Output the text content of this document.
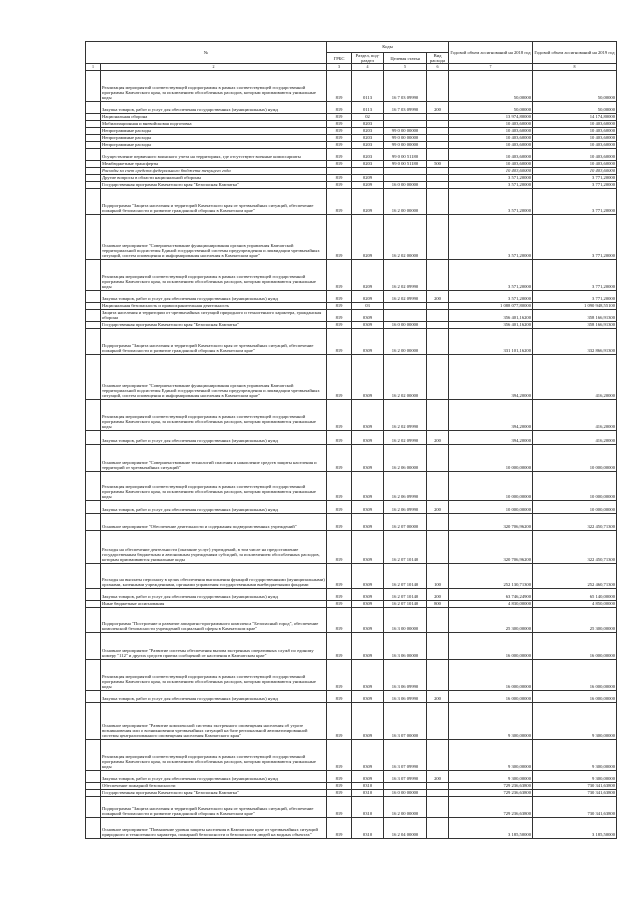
№		Коды				Годовой объем ассигнований на 2018 год	Годовой объем ассигнований на 2019 год
		ГРБС	Раздел, под-раздел	Целевая статья	Вид расхода		
1	2	3	4	5	6	7	8
	Реализация мероприятий соответствующей подпрограммы в рамках соответствующей государственной программы Камчатского края, за исключением обособленных расходов, которым присваиваются уникальные коды	819	0113	16 7 03 09990		50,00000	50,00000
	Закупка товаров, работ и услуг для обеспечения государственных (муниципальных) нужд	819	0113	16 7 03 09990	200	50,00000	50,00000
	Национальная оборона	819	02			13 974,80000	14 174,80000
	Мобилизационная и вневойсковая подготовка	819	0203			10 403,60000	10 403,60000
	Непрограммные расходы	819	0203	99 0 00 00000		10 403,60000	10 403,60000
	Непрограммные расходы	819	0203	99 0 00 00000		10 403,60000	10 403,60000
	Непрограммные расходы	819	0203	99 0 00 00000		10 403,60000	10 403,60000
	Осуществление первичного воинского учета на территориях, где отсутствуют военные комиссариаты	819	0203	99 0 00 51180		10 403,60000	10 403,60000
	Межбюджетные трансферты	819	0203	99 0 00 51180	500	10 403,60000	10 403,60000
	Расходы за счет средств федерального бюджета текущего года					10 403,60000	10 403,60000
	Другие вопросы в области национальной обороны	819	0209			3 571,20000	3 771,20000
	Государственная программа Камчатского края "Безопасная Камчатка"	819	0209	16 0 00 00000		3 571,20000	3 771,20000
	Подпрограмма "Защита населения и территорий Камчатского края от чрезвычайных ситуаций, обеспечение пожарной безопасности и развитие гражданской обороны в Камчатском крае"	819	0209	16 2 00 00000		3 571,20000	3 771,20000
	Основное мероприятие "Совершенствование функционирования органов управления Камчатской территориальной подсистемы Единой государственной системы предупреждения и ликвидации чрезвычайных ситуаций, систем оповещения и информирования населения в Камчатском крае"	819	0209	16 2 02 00000		3 571,20000	3 771,20000
	Реализация мероприятий соответствующей подпрограммы в рамках соответствующей государственной программы Камчатского края, за исключением обособленных расходов, которым присваиваются уникальные коды	819	0209	16 2 02 09990		3 571,20000	3 771,20000
	Закупка товаров, работ и услуг для обеспечения государственных (муниципальных) нужд	819	0209	16 2 02 09990	200	3 571,20000	3 771,20000
	Национальная безопасность и правоохранительная деятельность	819	03			1 088 077,80000	1 090 948,55100
	Защита населения и территории от чрезвычайных ситуаций природного и техногенного характера, гражданская оборона	819	0309			356 401,16200	358 166,91300
	Государственная программа Камчатского края "Безопасная Камчатка"	819	0309	16 0 00 00000		356 401,16200	358 166,91300
	Подпрограмма "Защита населения и территорий Камчатского края от чрезвычайных ситуаций, обеспечение пожарной безопасности и развитие гражданской обороны в Камчатском крае"	819	0309	16 2 00 00000		331 101,16200	332 866,91300
	Основное мероприятие "Совершенствование функционирования органов управления Камчатской территориальной подсистемы Единой государственной системы предупреждения и ликвидации чрезвычайных ситуаций, систем оповещения и информирования населения в Камчатском крае"	819	0309	16 2 02 00000		394,20000	416,20000
	Реализация мероприятий соответствующей подпрограммы в рамках соответствующей государственной программы Камчатского края, за исключением обособленных расходов, которым присваиваются уникальные коды	819	0309	16 2 02 09990		394,20000	416,20000
	Закупка товаров, работ и услуг для обеспечения государственных (муниципальных) нужд	819	0309	16 2 02 09990	200	394,20000	416,20000
	Основное мероприятие "Совершенствование технологий спасения и накопление средств защиты населения и территорий от чрезвычайных ситуаций"	819	0309	16 2 06 00000		10 000,00000	10 000,00000
	Реализация мероприятий соответствующей подпрограммы в рамках соответствующей государственной программы Камчатского края, за исключением обособленных расходов, которым присваиваются уникальные коды	819	0309	16 2 06 09990		10 000,00000	10 000,00000
	Закупка товаров, работ и услуг для обеспечения государственных (муниципальных) нужд	819	0309	16 2 06 09990	200	10 000,00000	10 000,00000
	Основное мероприятие "Обеспечение деятельности и содержания подведомственных учреждений"	819	0309	16 2 07 00000		320 706,96200	322 450,71300
	Расходы на обеспечение деятельности (оказание услуг) учреждений, в том числе на предоставление государственным бюджетным и автономным учреждениям субсидий, за исключением обособленных расходов, которым присваиваются уникальные коды	819	0309	16 2 07 10140		320 706,96200	322 450,71300
	Расходы на выплаты персоналу в целях обеспечения выполнения функций государственными (муниципальными) органами, казенными учреждениями, органами управления государственными внебюджетными фондами	819	0309	16 2 07 10140	100	252 130,71300	252 460,71300
	Закупка товаров, работ и услуг для обеспечения государственных (муниципальных) нужд	819	0309	16 2 07 10140	200	63 746,24900	65 140,00000
	Иные бюджетные ассигнования	819	0309	16 2 07 10140	800	4 830,00000	4 850,00000
	Подпрограмма "Построение и развитие аппаратно-программного комплекса "Безопасный город", обеспечение комплексной безопасности учреждений социальной сферы в Камчатском крае"	819	0309	16 3 00 00000		25 300,00000	25 300,00000
	Основное мероприятие "Развитие системы обеспечения вызова экстренных оперативных служб по единому номеру "112" и других средств приема сообщений от населения в Камчатском крае"	819	0309	16 3 06 00000		16 000,00000	16 000,00000
	Реализация мероприятий соответствующей подпрограммы в рамках соответствующей государственной программы Камчатского края, за исключением обособленных расходов, которым присваиваются уникальные коды	819	0309	16 3 06 09990		16 000,00000	16 000,00000
	Закупка товаров, работ и услуг для обеспечения государственных (муниципальных) нужд	819	0309	16 3 06 09990	200	16 000,00000	16 000,00000
	Основное мероприятие "Развитие комплексной системы экстренного оповещения населения об угрозе возникновения или о возникновении чрезвычайных ситуаций на базе региональной автоматизированной системы централизованного оповещения населения Камчатского края"	819	0309	16 3 07 00000		9 300,00000	9 300,00000
	Реализация мероприятий соответствующей подпрограммы в рамках соответствующей государственной программы Камчатского края, за исключением обособленных расходов, которым присваиваются уникальные коды	819	0309	16 3 07 09990		9 300,00000	9 300,00000
	Закупка товаров, работ и услуг для обеспечения государственных (муниципальных) нужд	819	0309	16 3 07 09990	200	9 300,00000	9 300,00000
	Обеспечение пожарной безопасности	819	0310			729 236,63800	730 341,63800
	Государственная программа Камчатского края "Безопасная Камчатка"	819	0310	16 0 00 00000		729 236,63800	730 341,63800
	Подпрограмма "Защита населения и территорий Камчатского края от чрезвычайных ситуаций, обеспечение пожарной безопасности и развитие гражданской обороны в Камчатском крае"	819	0310	16 2 00 00000		729 236,63800	730 341,63800
	Основное мероприятие "Повышение уровня защиты населения в Камчатском крае от чрезвычайных ситуаций природного и техногенного характера, пожарной безопасности и безопасности людей на водных объектах"	819	0310	16 2 04 00000		3 185,50000	3 185,50000
